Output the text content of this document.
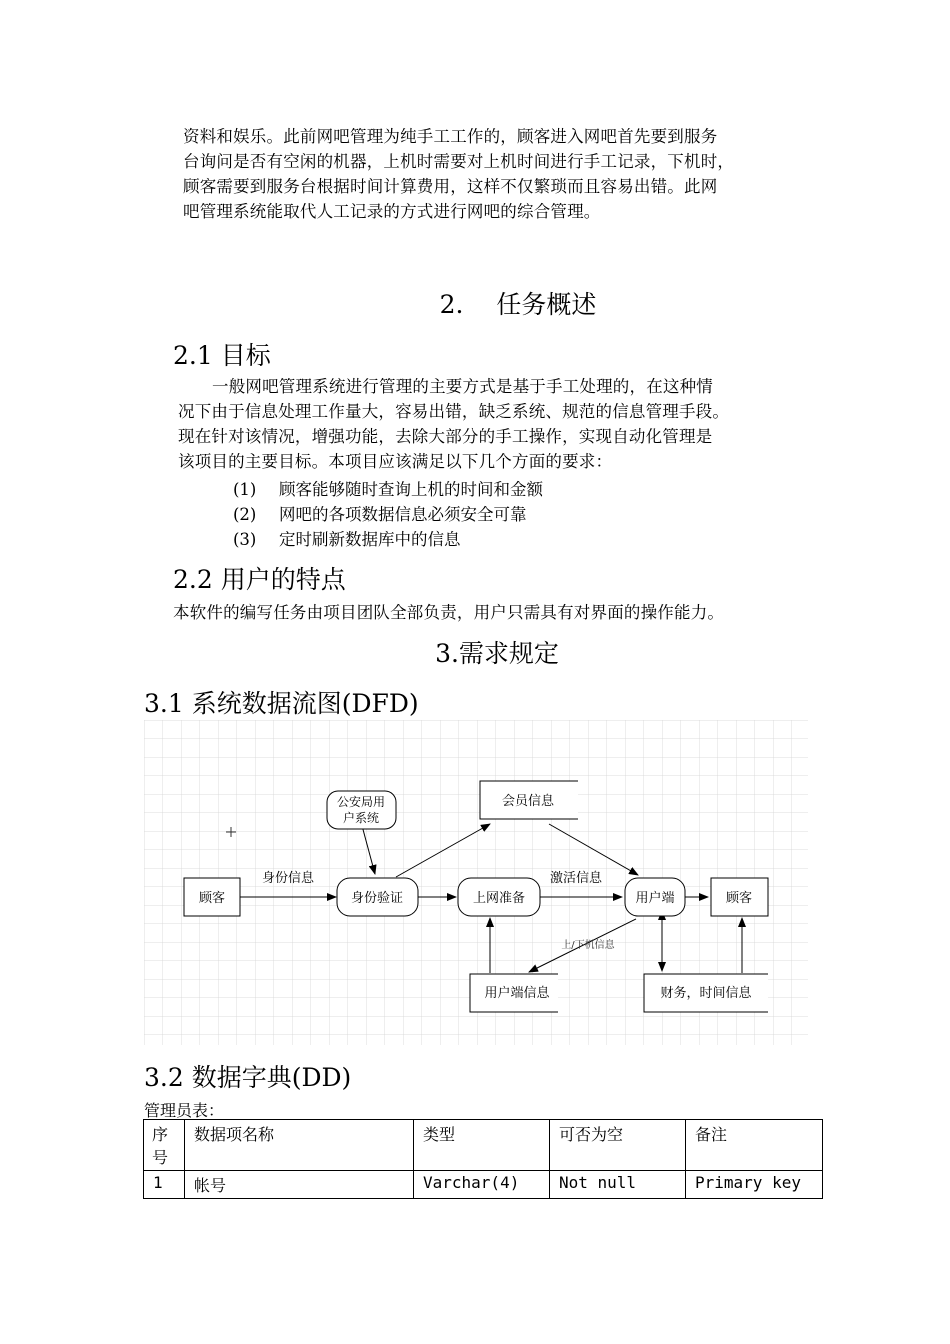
资料和娱乐。此前网吧管理为纯手工工作的，顾客进入网吧首先要到服务
台询问是否有空闲的机器，上机时需要对上机时间进行手工记录，下机时，
顾客需要到服务台根据时间计算费用，这样不仅繁琐而且容易出错。此网
吧管理系统能取代人工记录的方式进行网吧的综合管理。
2.　 任务概述
2.1 目标
一般网吧管理系统进行管理的主要方式是基于手工处理的，在这种情
况下由于信息处理工作量大，容易出错，缺乏系统、规范的信息管理手段。
现在针对该情况，增强功能，去除大部分的手工操作，实现自动化管理是
该项目的主要目标。本项目应该满足以下几个方面的要求：
(1) 顾客能够随时查询上机的时间和金额
(2) 网吧的各项数据信息必须安全可靠
(3) 定时刷新数据库中的信息
2.2 用户的特点
本软件的编写任务由项目团队全部负责，用户只需具有对界面的操作能力。
3.需求规定
3.1 系统数据流图(DFD)
身份信息	激活信息
上/下机信息
顾客
公安局用
户系统
身份验证
会员信息
上网准备	用户端	顾客
用户端信息	财务，时间信息
3.2 数据字典(DD)
管理员表：
序
号	数据项名称	类型	可否为空	备注
1	帐号	Varchar(4)	Not null	Primary key
